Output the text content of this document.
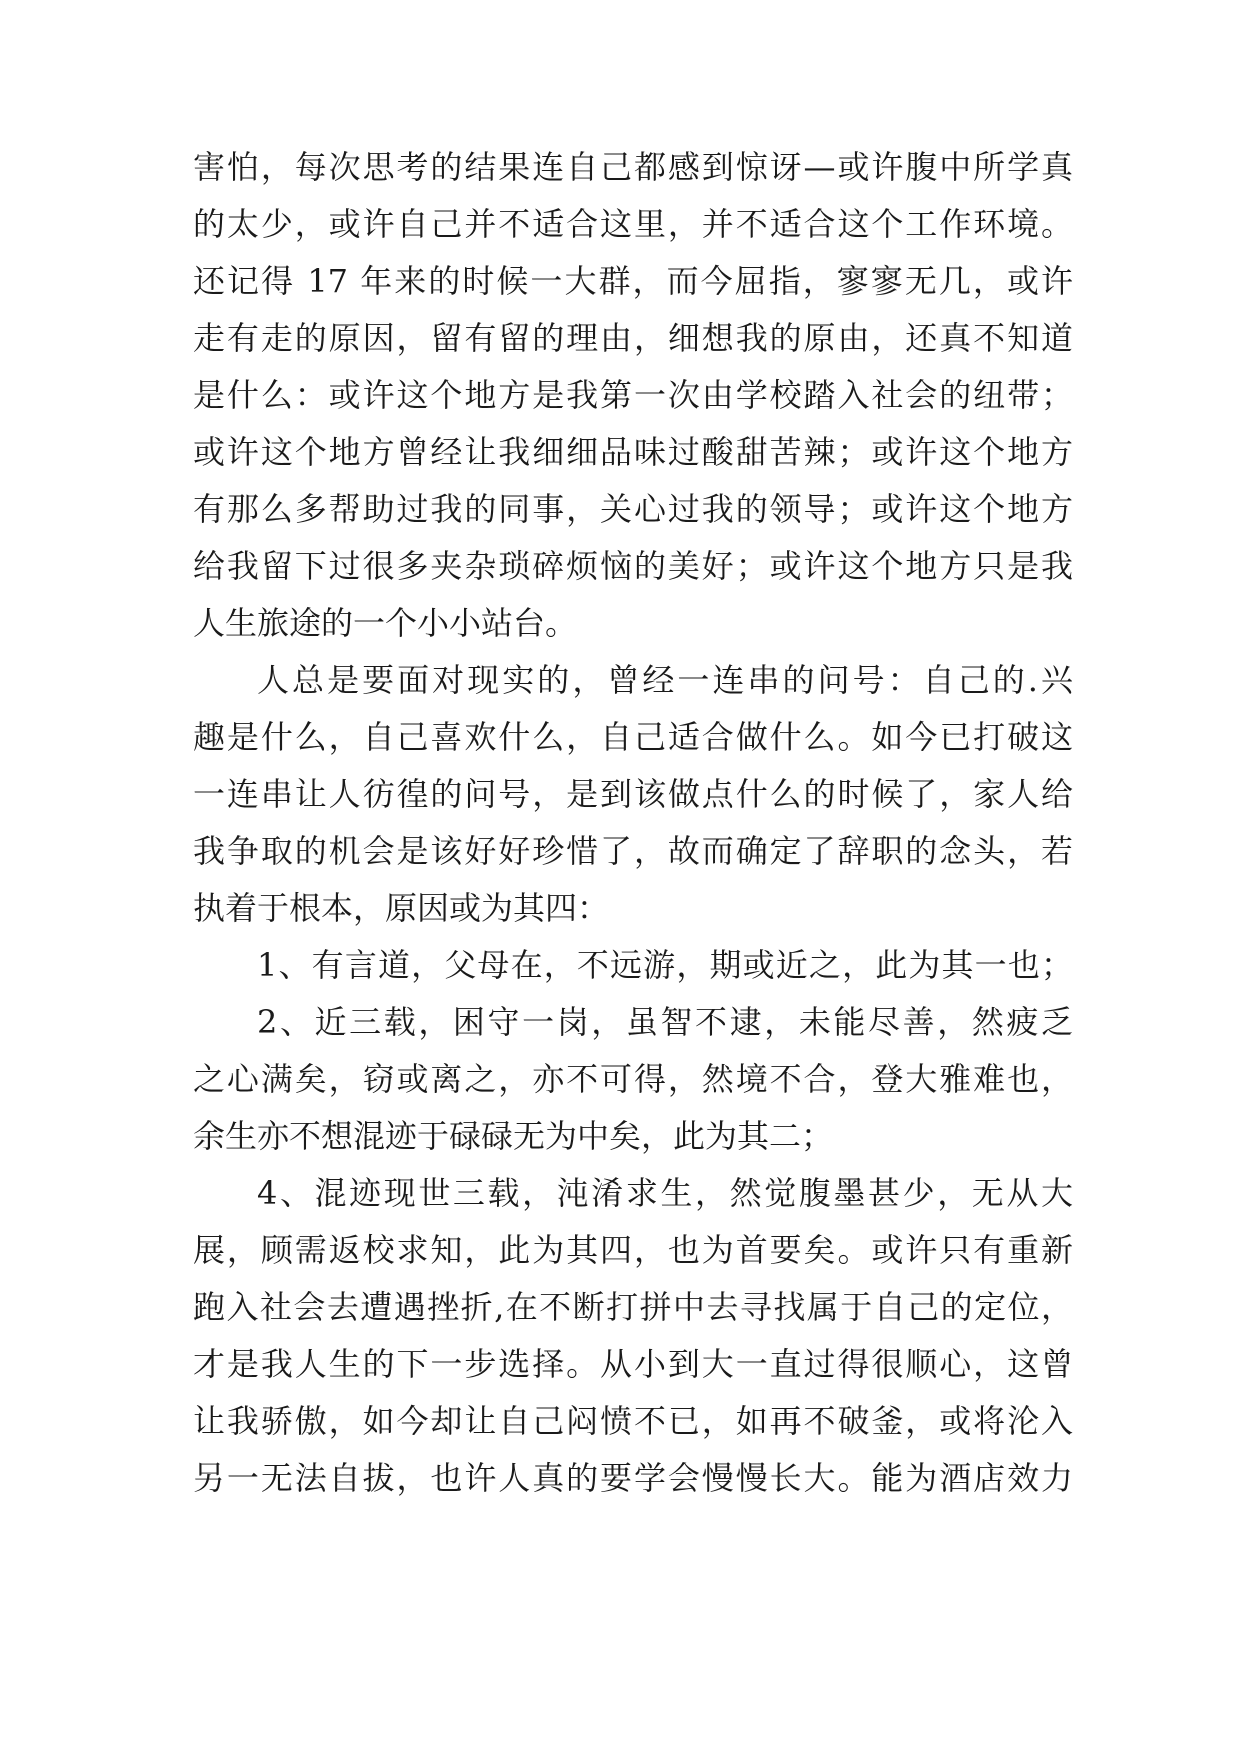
害怕，每次思考的结果连自己都感到惊讶—或许腹中所学真
的太少，或许自己并不适合这里，并不适合这个工作环境。
还记得 17 年来的时候一大群，而今屈指，寥寥无几，或许
走有走的原因，留有留的理由，细想我的原由，还真不知道
是什么：或许这个地方是我第一次由学校踏入社会的纽带；
或许这个地方曾经让我细细品味过酸甜苦辣；或许这个地方
有那么多帮助过我的同事，关心过我的领导；或许这个地方
给我留下过很多夹杂琐碎烦恼的美好；或许这个地方只是我
人生旅途的一个小小站台。
人总是要面对现实的，曾经一连串的问号：自己的.兴
趣是什么，自己喜欢什么，自己适合做什么。如今已打破这
一连串让人彷徨的问号，是到该做点什么的时候了，家人给
我争取的机会是该好好珍惜了，故而确定了辞职的念头，若
执着于根本，原因或为其四：
1、有言道，父母在，不远游，期或近之，此为其一也；
2、近三载，困守一岗，虽智不逮，未能尽善，然疲乏
之心满矣，窃或离之，亦不可得，然境不合，登大雅难也，
余生亦不想混迹于碌碌无为中矣，此为其二；
4、混迹现世三载，沌淆求生，然觉腹墨甚少，无从大
展，顾需返校求知，此为其四，也为首要矣。或许只有重新
跑入社会去遭遇挫折,在不断打拼中去寻找属于自己的定位，
才是我人生的下一步选择。从小到大一直过得很顺心，这曾
让我骄傲，如今却让自己闷愤不已，如再不破釜，或将沦入
另一无法自拔，也许人真的要学会慢慢长大。能为酒店效力
